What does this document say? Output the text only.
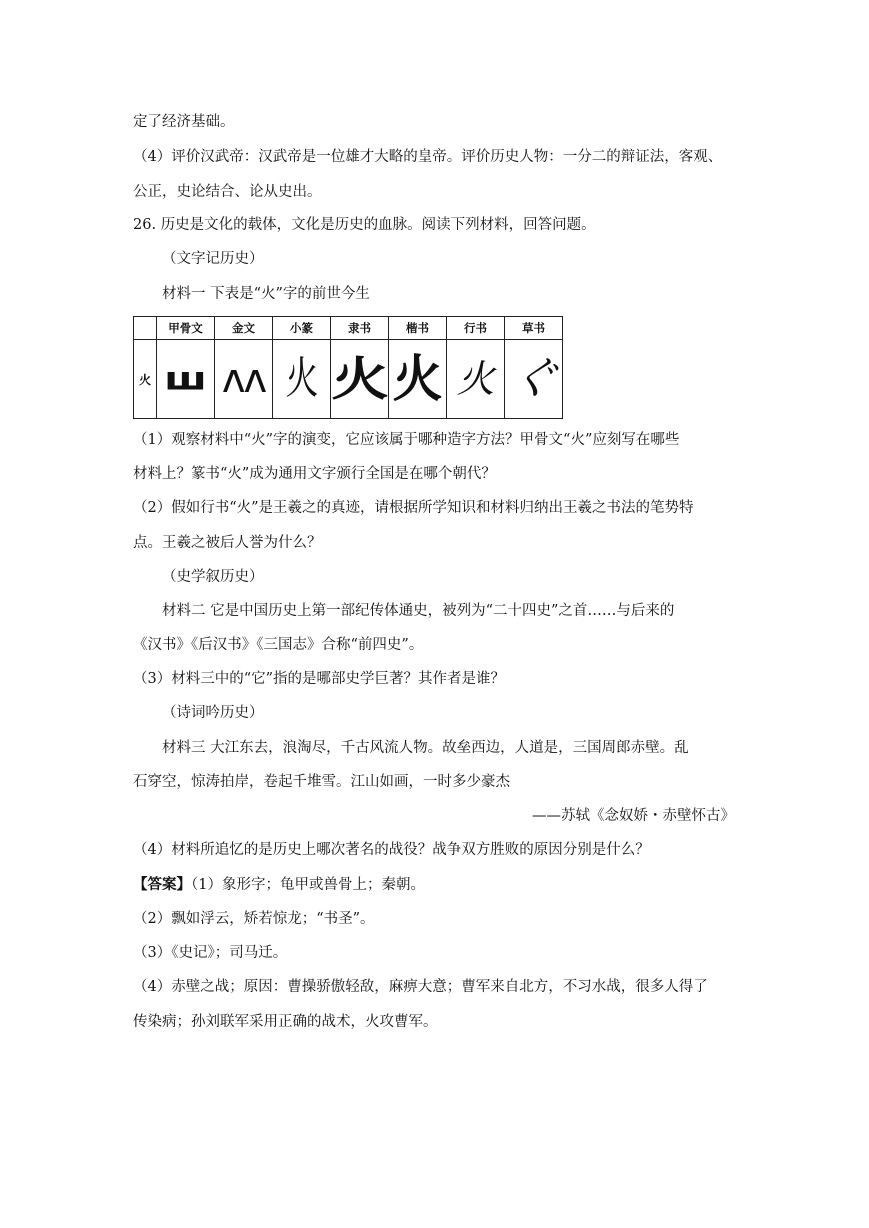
定了经济基础。
（4）评价汉武帝：汉武帝是一位雄才大略的皇帝。评价历史人物：一分二的辩证法，客观、
公正，史论结合、论从史出。
26. 历史是文化的载体，文化是历史的血脉。阅读下列材料，回答问题。
（文字记历史）
材料一 下表是“火”字的前世今生
	甲骨文	金文	小篆	隶书	楷书	行书	草书
火	ш	ʌʌ	火	火	火	火	ぐ
（1）观察材料中“火”字的演变，它应该属于哪种造字方法？甲骨文“火”应刻写在哪些
材料上？篆书“火”成为通用文字颁行全国是在哪个朝代？
（2）假如行书“火”是王羲之的真迹，请根据所学知识和材料归纳出王羲之书法的笔势特
点。王羲之被后人誉为什么？
（史学叙历史）
材料二 它是中国历史上第一部纪传体通史，被列为“二十四史”之首……与后来的
《汉书》《后汉书》《三国志》合称“前四史”。
（3）材料三中的“它”指的是哪部史学巨著？其作者是谁？
（诗词吟历史）
材料三 大江东去，浪淘尽，千古风流人物。故垒西边，人道是，三国周郎赤壁。乱
石穿空，惊涛拍岸，卷起千堆雪。江山如画，一时多少豪杰
——苏轼《念奴娇・赤壁怀古》
（4）材料所追忆的是历史上哪次著名的战役？战争双方胜败的原因分别是什么？
【答案】（1）象形字；龟甲或兽骨上；秦朝。
（2）飘如浮云，矫若惊龙；“书圣”。
（3）《史记》；司马迁。
（4）赤壁之战；原因：曹操骄傲轻敌，麻痹大意；曹军来自北方，不习水战，很多人得了
传染病；孙刘联军采用正确的战术，火攻曹军。
